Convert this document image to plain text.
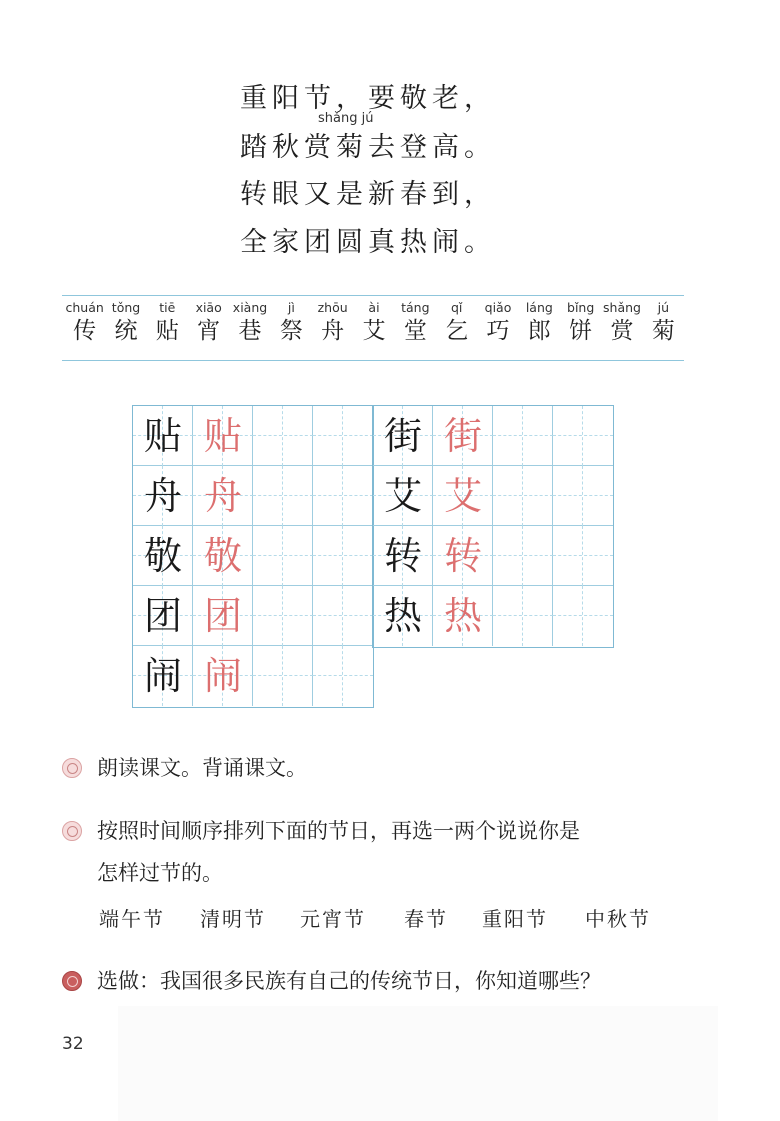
重阳节，要敬老，
shǎng jú
踏秋赏菊去登高。
转眼又是新春到，
全家团圆真热闹。
chuán
传
tǒng
统
tiē
贴
xiāo
宵
xiàng
巷
jì
祭
zhōu
舟
ài
艾
táng
堂
qǐ
乞
qiǎo
巧
láng
郎
bǐng
饼
shǎng
赏
jú
菊
贴 贴
舟 舟
敬 敬
团 团
闹 闹
街 街
艾 艾
转 转
热 热
朗读课文。背诵课文。
按照时间顺序排列下面的节日，再选一两个说说你是
怎样过节的。
端午节 清明节 元宵节 春节 重阳节 中秋节
选做：我国很多民族有自己的传统节日，你知道哪些？
32
